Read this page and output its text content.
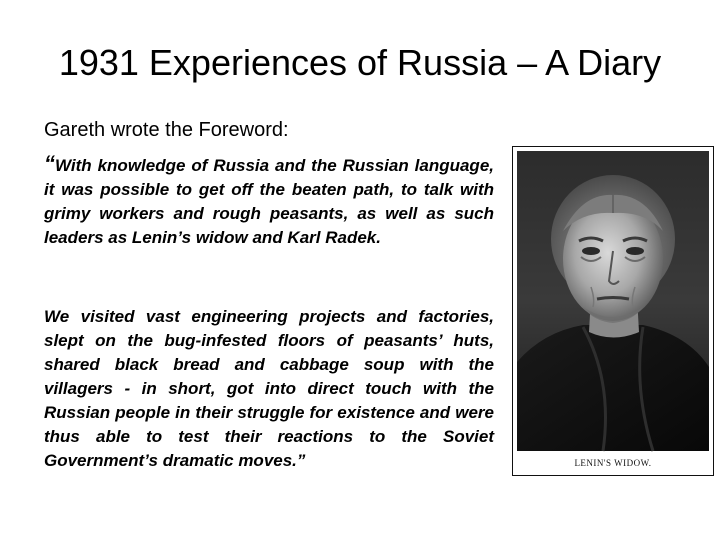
1931 Experiences of Russia – A Diary
Gareth wrote the Foreword:

“With knowledge of Russia and the Russian language, it was possible to get off the beaten path, to talk with grimy workers and rough peasants, as well as such leaders as Lenin’s widow and Karl Radek.

We visited vast engineering projects and factories, slept on the bug-infested floors of peasants’ huts, shared black bread and cabbage soup with the villagers - in short, got into direct touch with the Russian people in their struggle for existence and were thus able to test their reactions to the Soviet Government’s dramatic moves.”	LENIN'S WIDOW.
